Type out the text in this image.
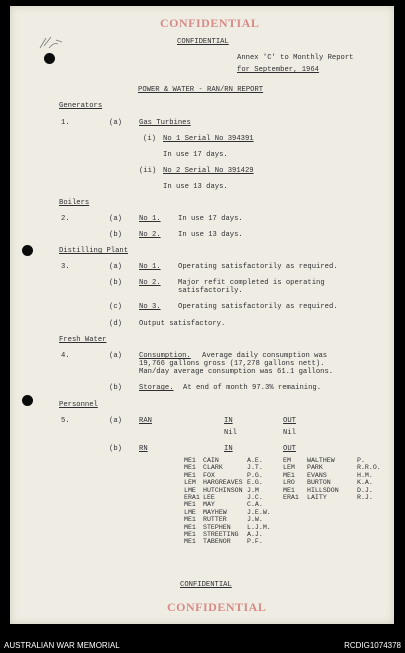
CONFIDENTIAL
CONFIDENTIAL
CONFIDENTIAL
Annex 'C' to Monthly Report
for September, 1964
POWER & WATER - RAN/RN REPORT
Generators
1.	(a) Gas Turbines
(i) No 1 Serial No 394391
In use 17 days.
(ii) No 2 Serial No 391429
In use 13 days.
Boilers
2.	(a) No 1. In use 17 days.
(b) No 2. In use 13 days.
Distilling Plant
3.	(a) No 1. Operating satisfactorily as required.
(b) No 2. Major refit completed is operating
satisfactorily.
(c) No 3. Operating satisfactorily as required.
(d) Output satisfactory.
Fresh Water
4.	(a) Consumption. Average daily consumption was
19,766 gallons gross (17,278 gallons nett).
Man/day average consumption was 61.1 gallons.
(b) Storage. At end of month 97.3% remaining.
Personnel
5.	(a) RAN	IN	OUT
Nil	Nil
(b) RN	IN	OUT
ME1 CAIN	A.E.	EM WALTHEW	P.
ME1 CLARK	J.T.	LEM PARK	R.R.O.
ME1 FOX	P.G.	ME1 EVANS	H.M.
LEM HARGREAVES E.G.	LRO BURTON	K.A.
LME HUTCHINSON J.M	ME1 HILLSDON	D.J.
ERA1 LEE	J.C.	ERA1 LAITY	R.J.
ME1 MAY	C.A.
LME MAYHEW	J.E.W.
ME1 RUTTER	J.W.
ME1 STEPHEN L.J.M.
ME1 STREETING A.J.
ME1 TABENOR P.F.
CONFIDENTIAL
AUSTRALIAN WAR MEMORIAL	RCDIG1074378
